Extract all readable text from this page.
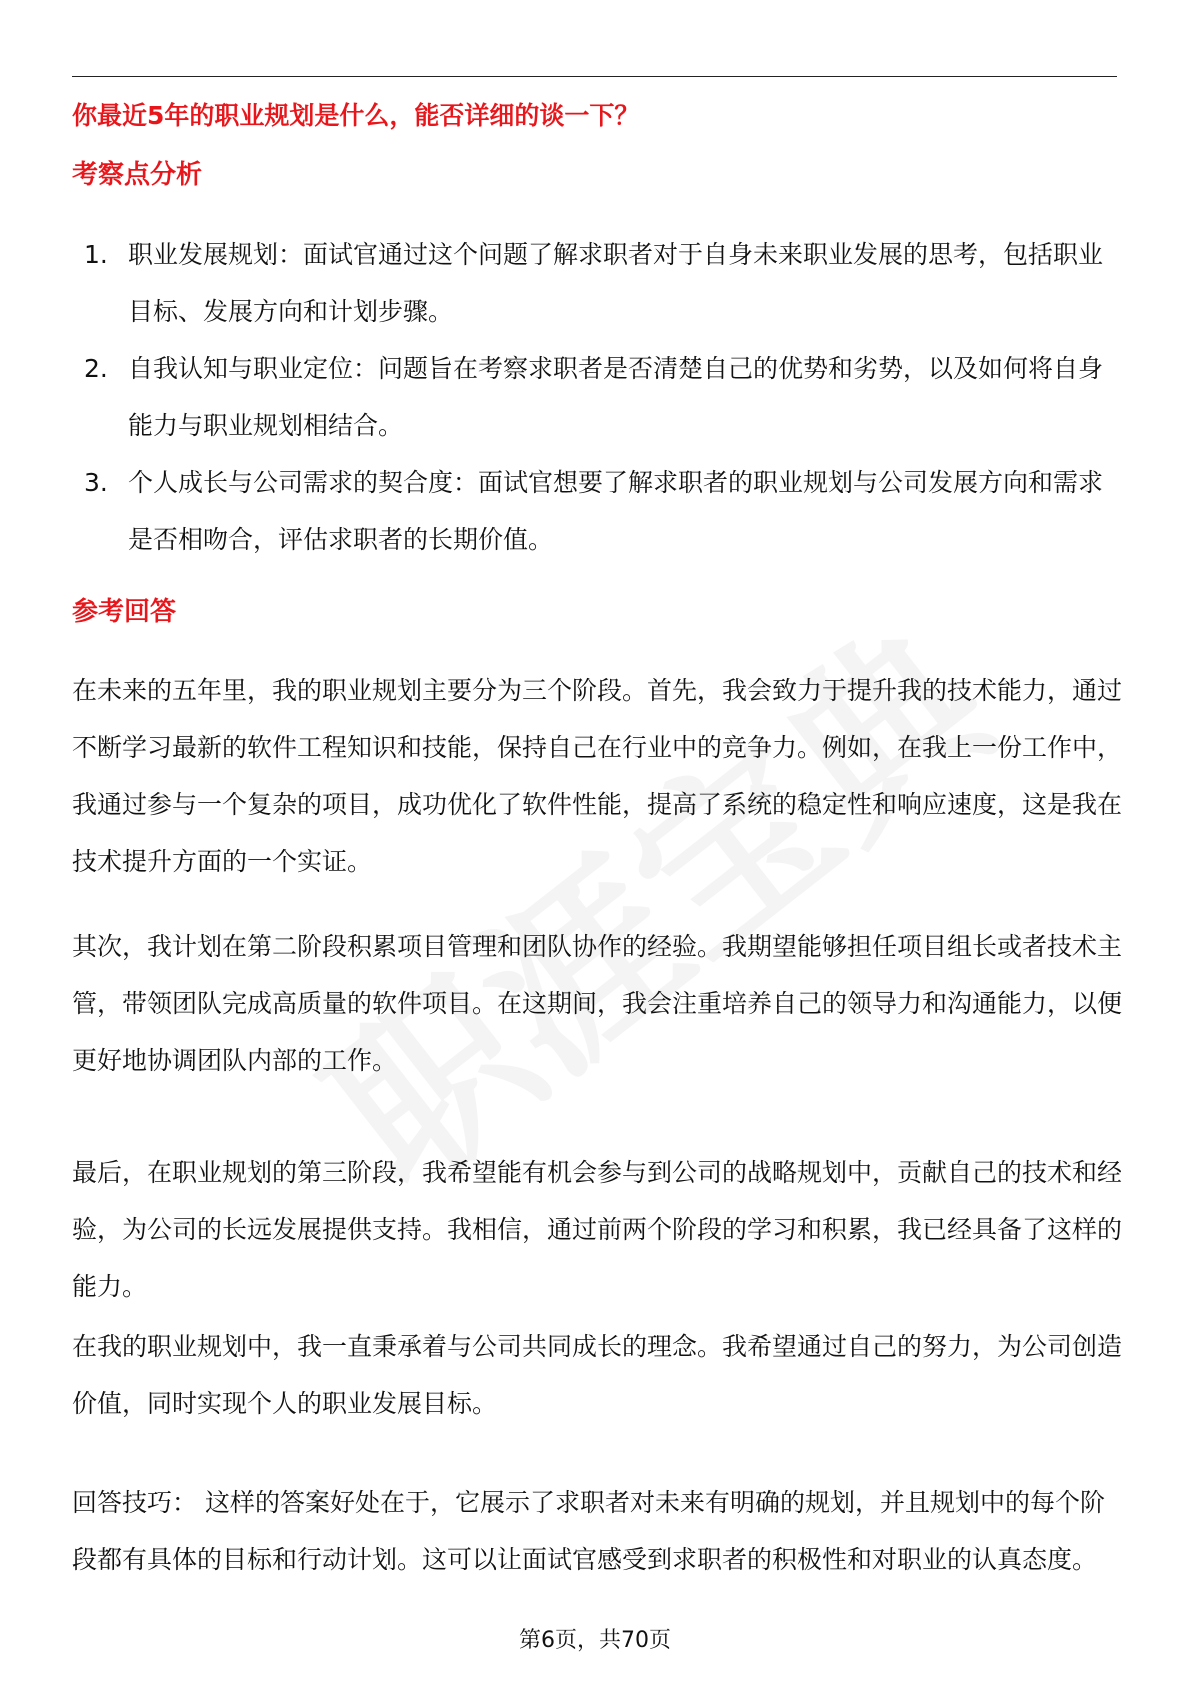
你最近5年的职业规划是什么，能否详细的谈一下？
考察点分析
1. 职业发展规划：面试官通过这个问题了解求职者对于自身未来职业发展的思考，包括职业目标、发展方向和计划步骤。
2. 自我认知与职业定位：问题旨在考察求职者是否清楚自己的优势和劣势，以及如何将自身能力与职业规划相结合。
3. 个人成长与公司需求的契合度：面试官想要了解求职者的职业规划与公司发展方向和需求是否相吻合，评估求职者的长期价值。
参考回答

在未来的五年里，我的职业规划主要分为三个阶段。首先，我会致力于提升我的技术能力，通过不断学习最新的软件工程知识和技能，保持自己在行业中的竞争力。例如，在我上一份工作中，我通过参与一个复杂的项目，成功优化了软件性能，提高了系统的稳定性和响应速度，这是我在技术提升方面的一个实证。

其次，我计划在第二阶段积累项目管理和团队协作的经验。我期望能够担任项目组长或者技术主管，带领团队完成高质量的软件项目。在这期间，我会注重培养自己的领导力和沟通能力，以便更好地协调团队内部的工作。

最后，在职业规划的第三阶段，我希望能有机会参与到公司的战略规划中，贡献自己的技术和经验，为公司的长远发展提供支持。我相信，通过前两个阶段的学习和积累，我已经具备了这样的能力。

在我的职业规划中，我一直秉承着与公司共同成长的理念。我希望通过自己的努力，为公司创造价值，同时实现个人的职业发展目标。

回答技巧： 这样的答案好处在于，它展示了求职者对未来有明确的规划，并且规划中的每个阶段都有具体的目标和行动计划。这可以让面试官感受到求职者的积极性和对职业的认真态度。

第6页，共70页
